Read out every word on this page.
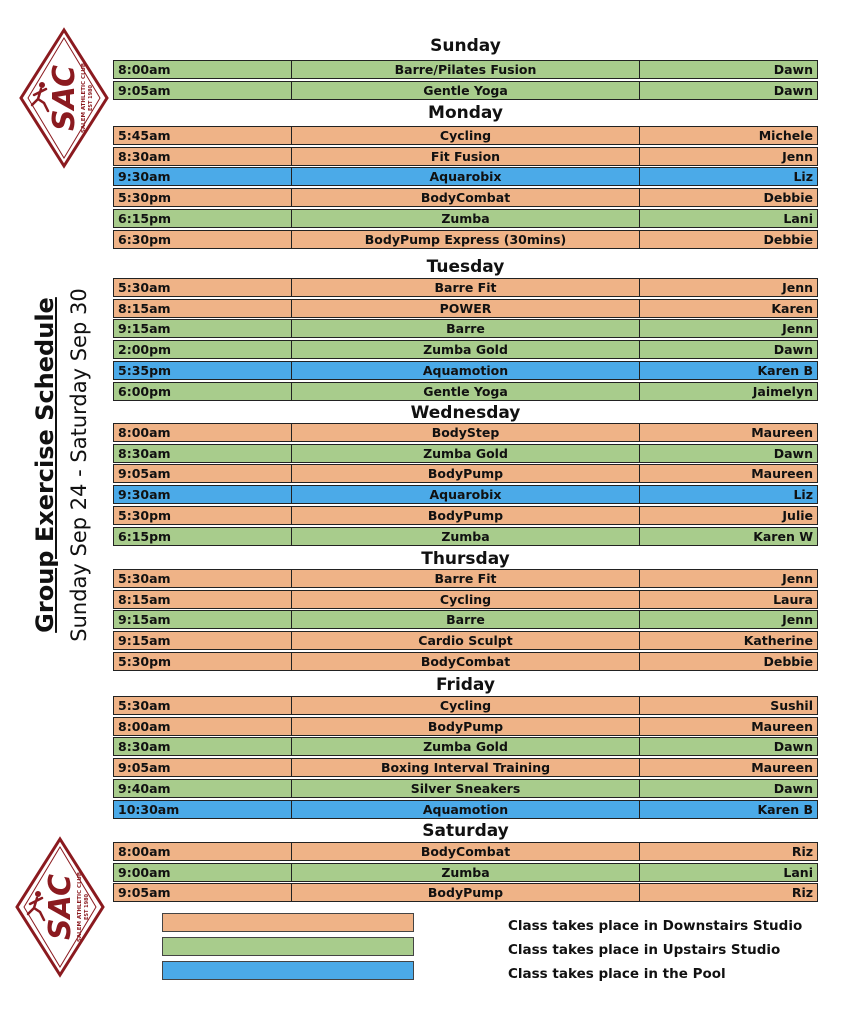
SAC SALEM ATHLETIC CLUB EST 1980
SAC SALEM ATHLETIC CLUB EST 1980
Group Exercise Schedule Sunday Sep 24 - Saturday Sep 30
Sunday
8:00am	Barre/Pilates Fusion	Dawn
9:05am	Gentle Yoga	Dawn
Monday
5:45am	Cycling	Michele
8:30am	Fit Fusion	Jenn
9:30am	Aquarobix	Liz
5:30pm	BodyCombat	Debbie
6:15pm	Zumba	Lani
6:30pm	BodyPump Express (30mins)	Debbie
Tuesday
5:30am	Barre Fit	Jenn
8:15am	POWER	Karen
9:15am	Barre	Jenn
2:00pm	Zumba Gold	Dawn
5:35pm	Aquamotion	Karen B
6:00pm	Gentle Yoga	Jaimelyn
Wednesday
8:00am	BodyStep	Maureen
8:30am	Zumba Gold	Dawn
9:05am	BodyPump	Maureen
9:30am	Aquarobix	Liz
5:30pm	BodyPump	Julie
6:15pm	Zumba	Karen W
Thursday
5:30am	Barre Fit	Jenn
8:15am	Cycling	Laura
9:15am	Barre	Jenn
9:15am	Cardio Sculpt	Katherine
5:30pm	BodyCombat	Debbie
Friday
5:30am	Cycling	Sushil
8:00am	BodyPump	Maureen
8:30am	Zumba Gold	Dawn
9:05am	Boxing Interval Training	Maureen
9:40am	Silver Sneakers	Dawn
10:30am	Aquamotion	Karen B
Saturday
8:00am	BodyCombat	Riz
9:00am	Zumba	Lani
9:05am	BodyPump	Riz
Class takes place in Downstairs Studio
Class takes place in Upstairs Studio
Class takes place in the Pool
